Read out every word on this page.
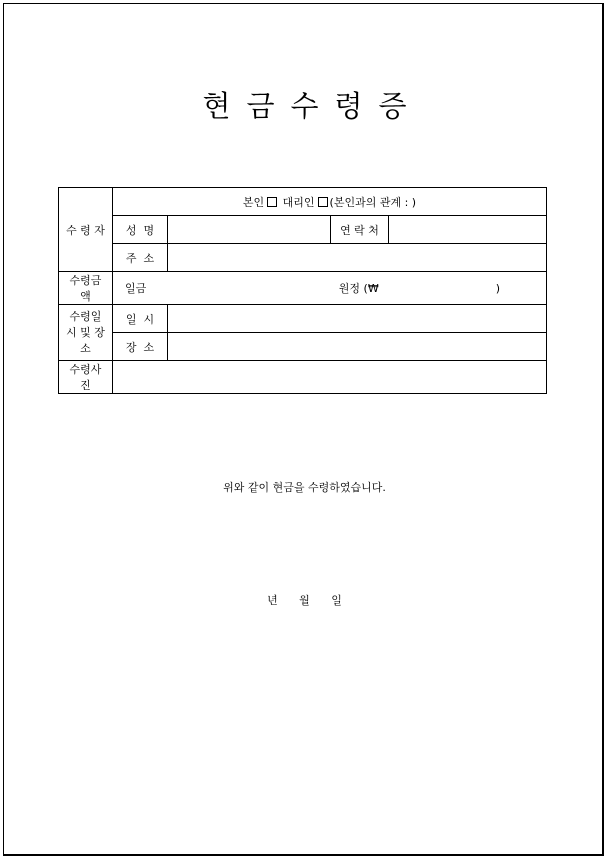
현금수령증
수 령 자	본인 대리인 (본인과의 관계 : )			
	성  명		연 락 처	
	주  소			
수령금액	일금 원정 (₩ )			

수령일시 및 장소	일  시			
	장  소			
수령사진				
위와 같이 현금을 수령하였습니다.
년 월 일
